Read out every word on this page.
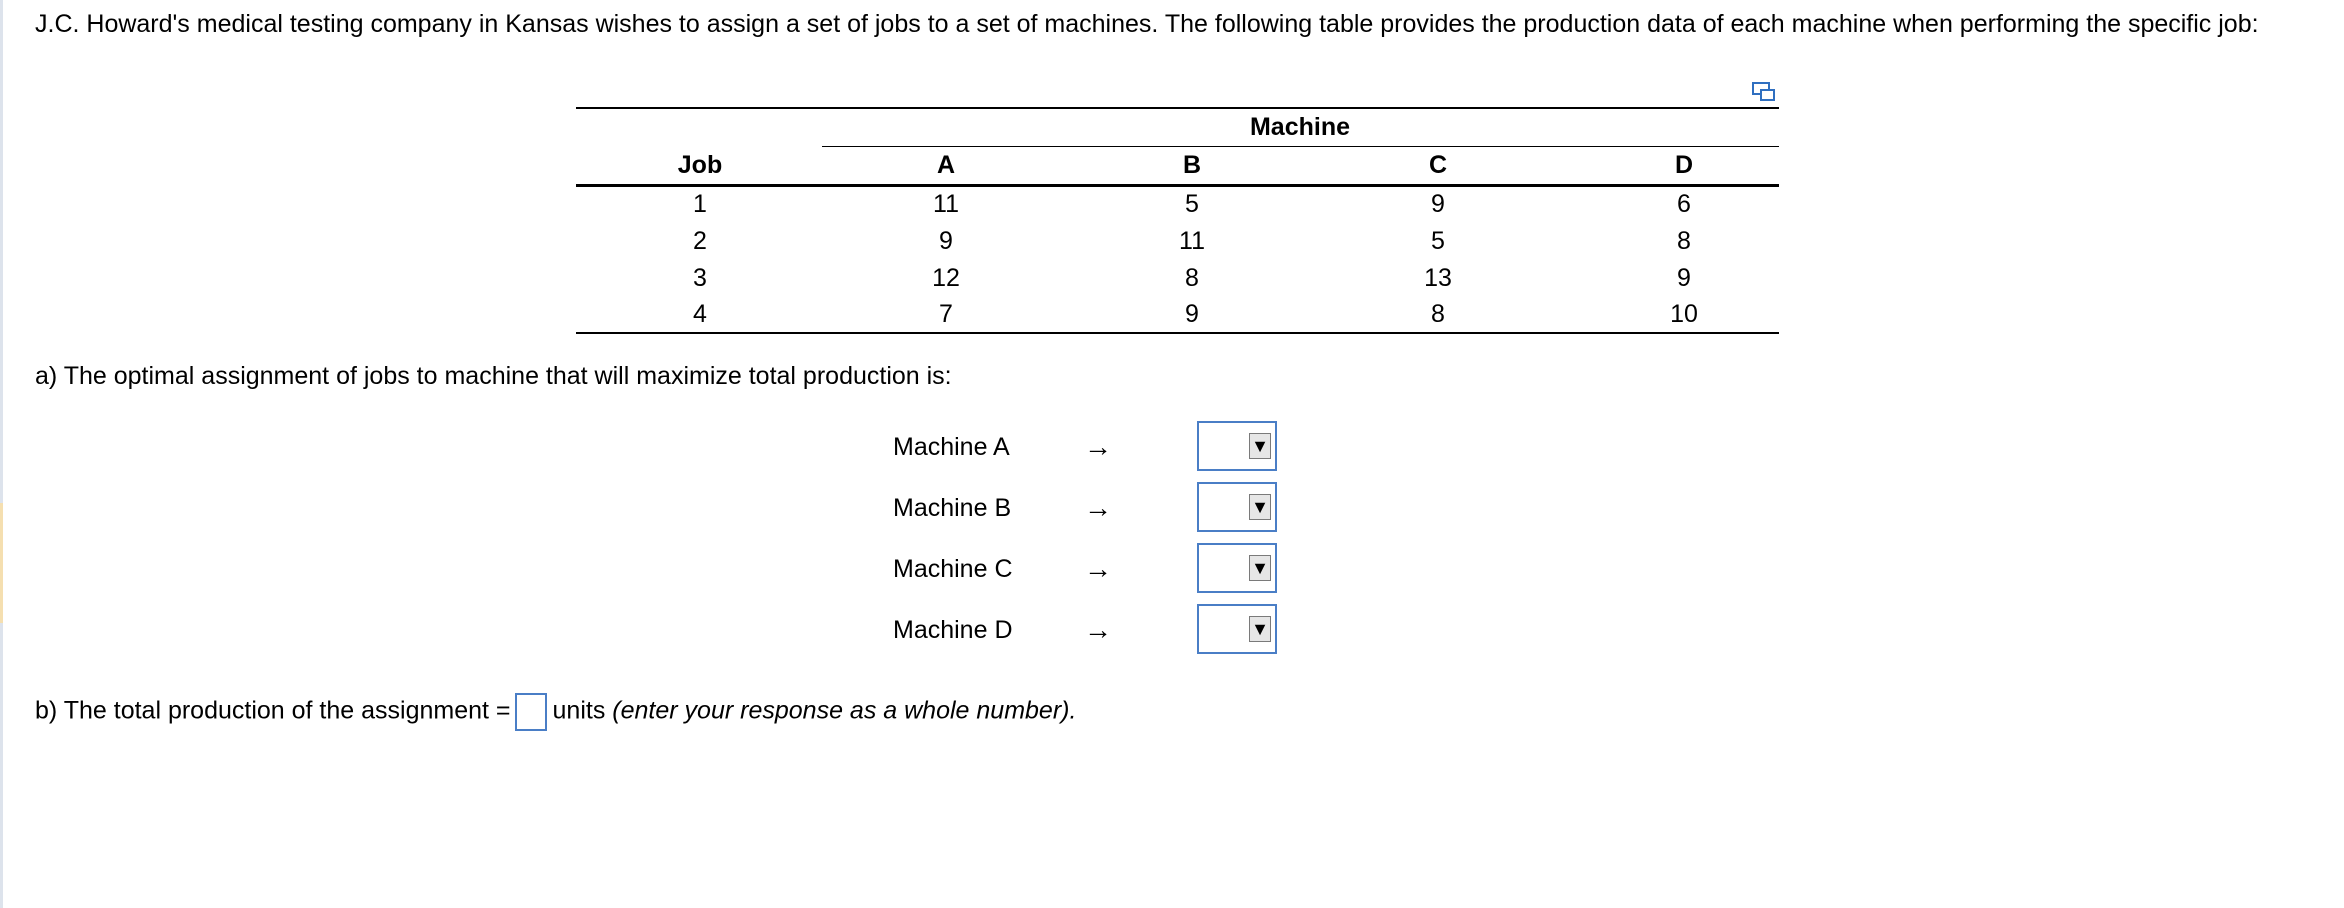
J.C. Howard's medical testing company in Kansas wishes to assign a set of jobs to a set of machines. The following table provides the production data of each machine when performing the specific job:

Machine
Job	A	B	C	D
1	11	5	9	6
2	9	11	5	8
3	12	8	13	9
4	7	9	8	10
a) The optimal assignment of jobs to machine that will maximize total production is:
Machine A	→	▼
Machine B	→	▼
Machine C	→	▼
Machine D	→	▼
b) The total production of the assignment = units (enter your response as a whole number).
